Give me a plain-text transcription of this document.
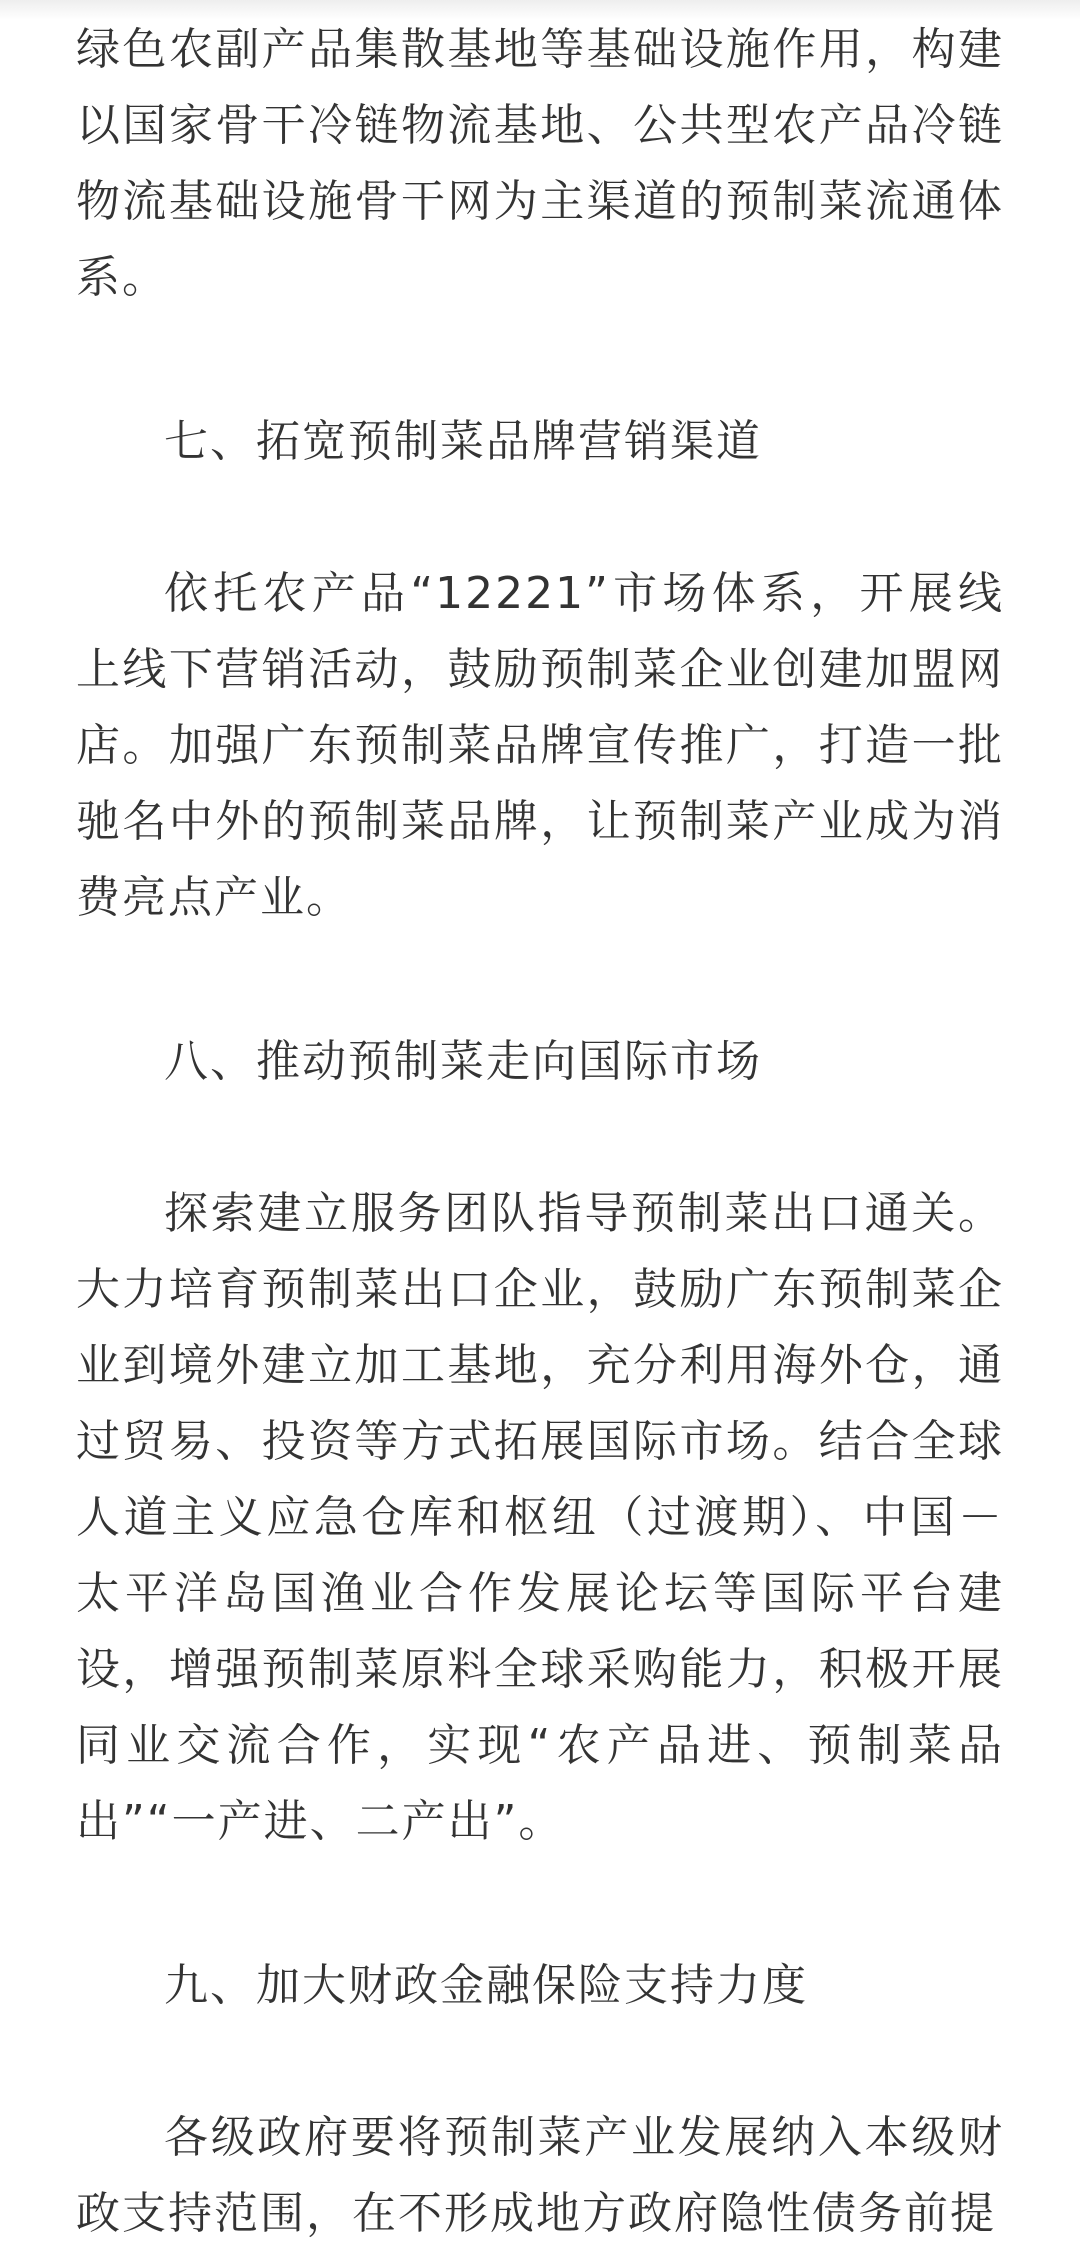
绿色农副产品集散基地等基础设施作用，构建以国家骨干冷链物流基地、公共型农产品冷链物流基础设施骨干网为主渠道的预制菜流通体系。

七、拓宽预制菜品牌营销渠道

依托农产品“12221”市场体系，开展线上线下营销活动，鼓励预制菜企业创建加盟网店。加强广东预制菜品牌宣传推广，打造一批驰名中外的预制菜品牌，让预制菜产业成为消费亮点产业。

八、推动预制菜走向国际市场

探索建立服务团队指导预制菜出口通关。大力培育预制菜出口企业，鼓励广东预制菜企业到境外建立加工基地，充分利用海外仓，通过贸易、投资等方式拓展国际市场。结合全球人道主义应急仓库和枢纽（过渡期）、中国－太平洋岛国渔业合作发展论坛等国际平台建设，增强预制菜原料全球采购能力，积极开展同业交流合作，实现“农产品进、预制菜品出”“一产进、二产出”。

九、加大财政金融保险支持力度

各级政府要将预制菜产业发展纳入本级财政支持范围，在不形成地方政府隐性债务前提
